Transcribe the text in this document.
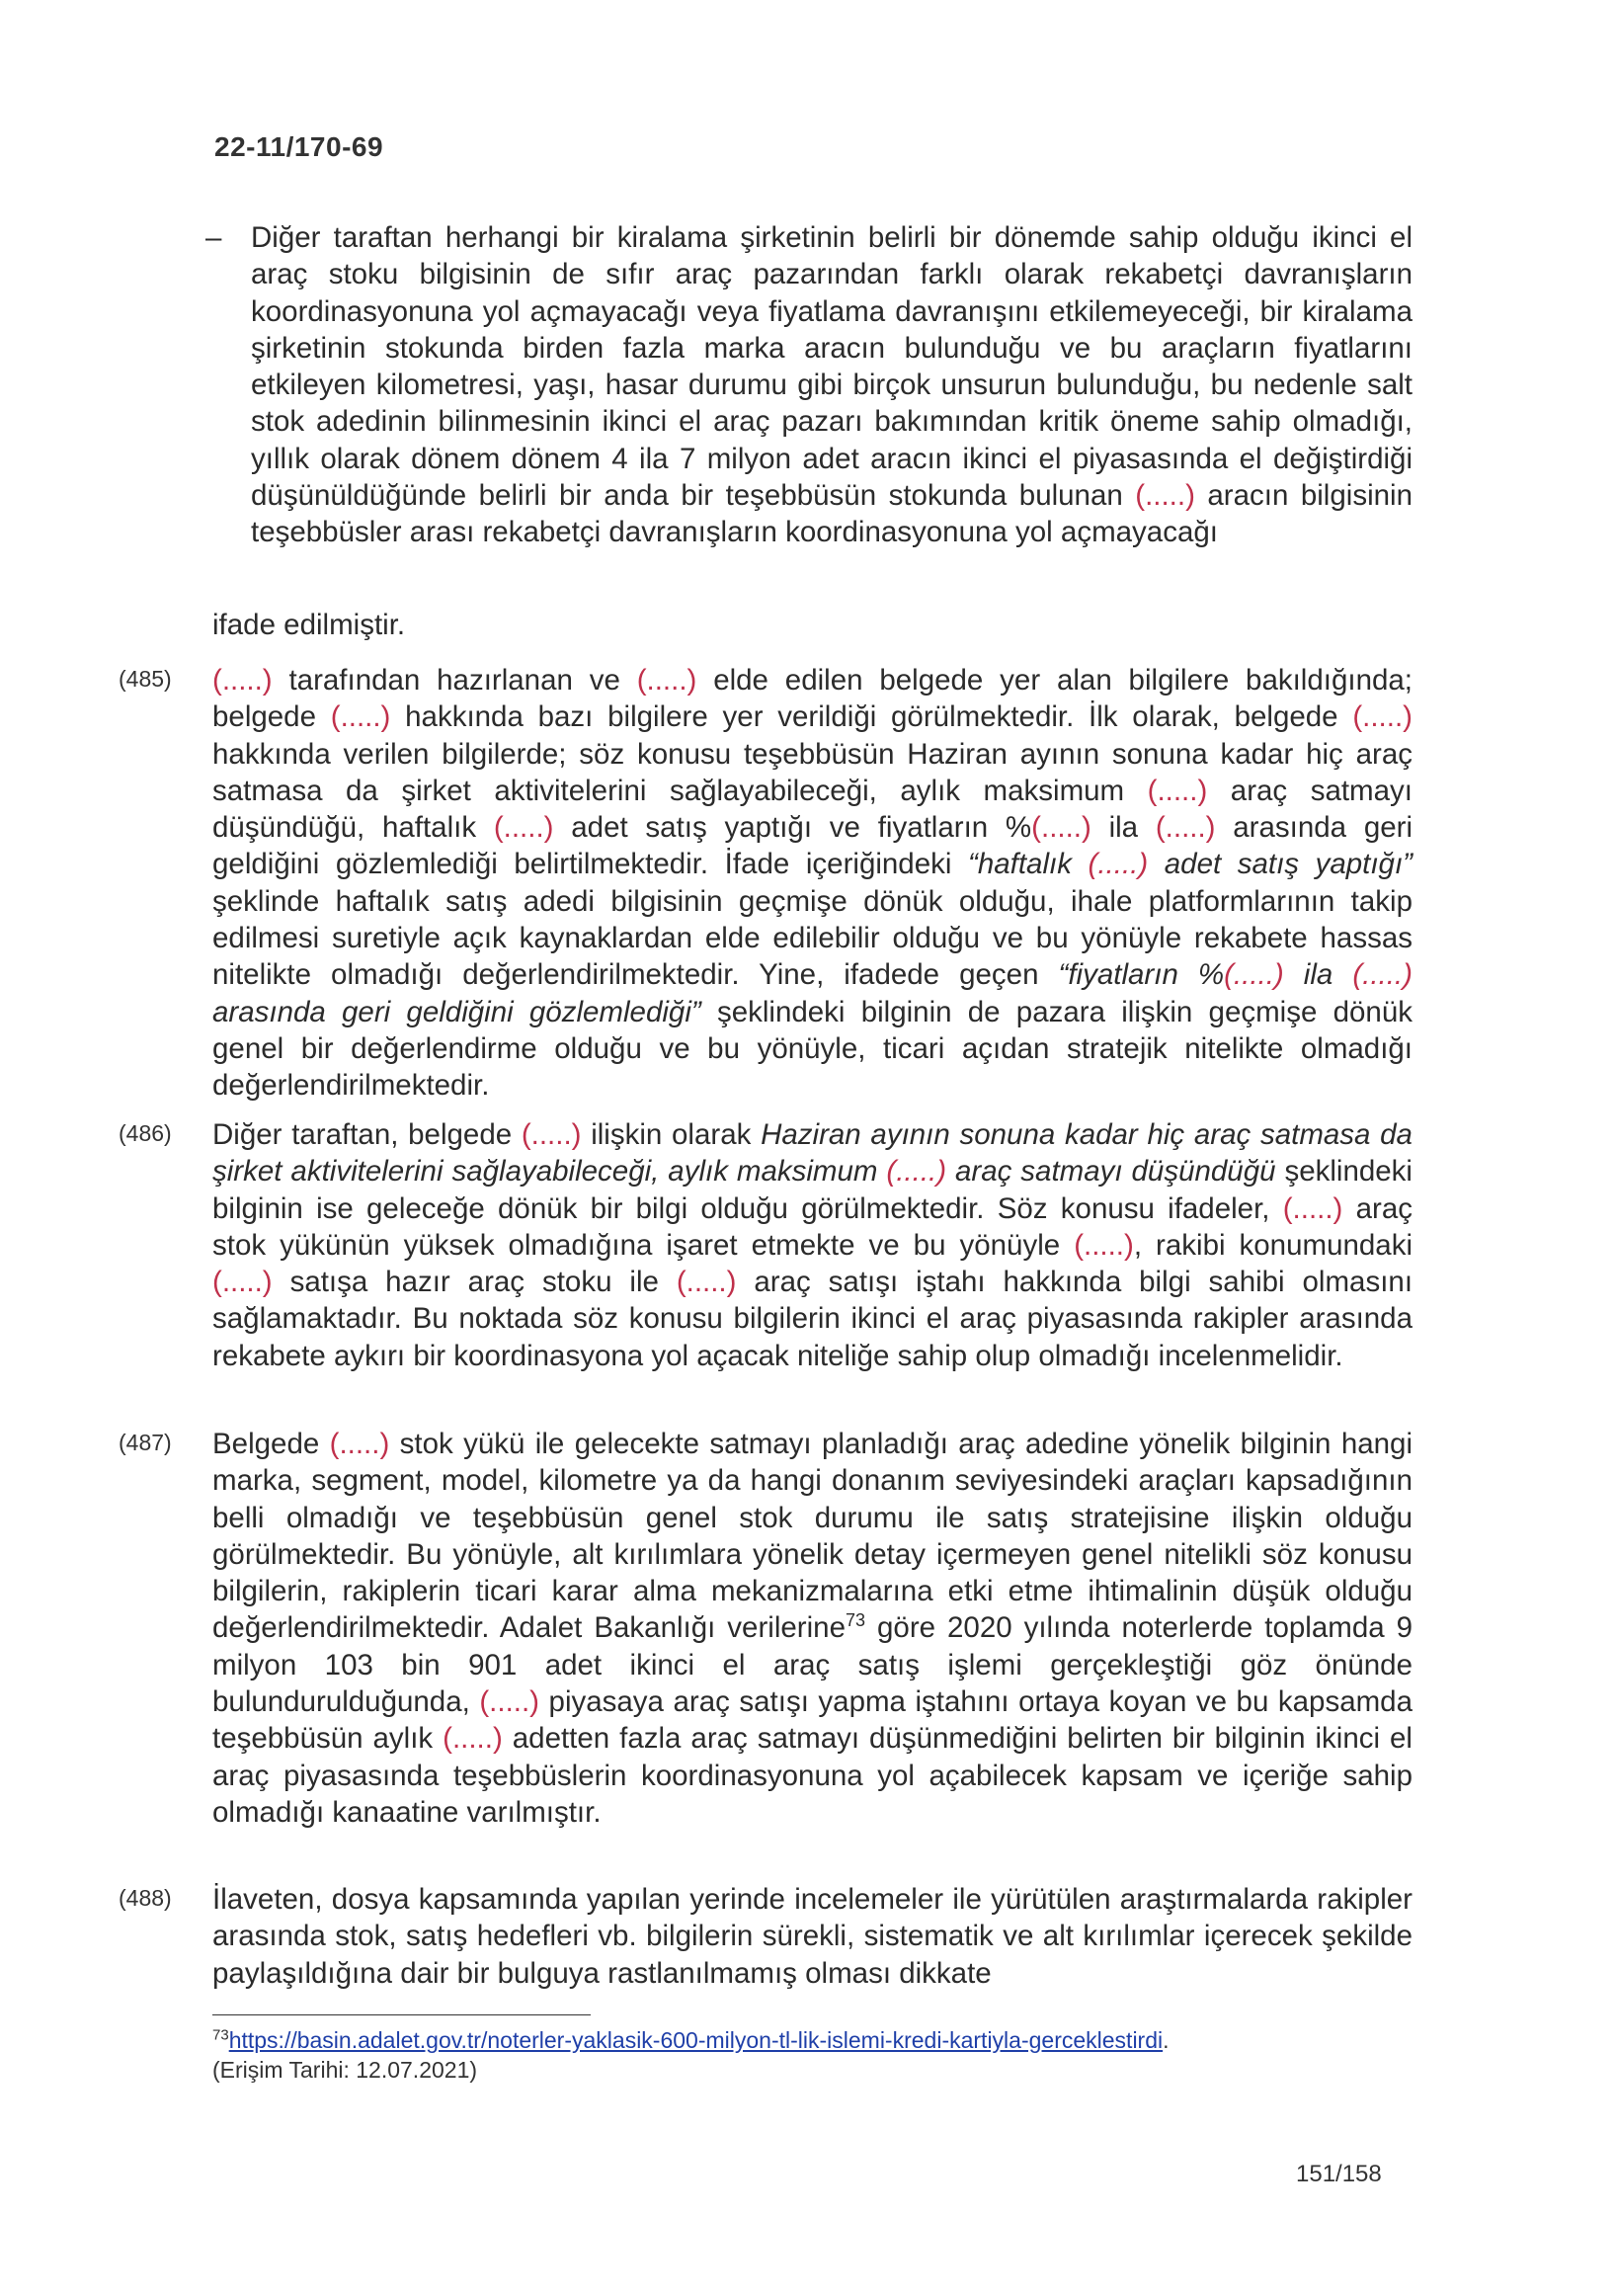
22-11/170-69
– Diğer taraftan herhangi bir kiralama şirketinin belirli bir dönemde sahip olduğu ikinci el araç stoku bilgisinin de sıfır araç pazarından farklı olarak rekabetçi davranışların koordinasyonuna yol açmayacağı veya fiyatlama davranışını etkilemeyeceği, bir kiralama şirketinin stokunda birden fazla marka aracın bulunduğu ve bu araçların fiyatlarını etkileyen kilometresi, yaşı, hasar durumu gibi birçok unsurun bulunduğu, bu nedenle salt stok adedinin bilinmesinin ikinci el araç pazarı bakımından kritik öneme sahip olmadığı, yıllık olarak dönem dönem 4 ila 7 milyon adet aracın ikinci el piyasasında el değiştirdiği düşünüldüğünde belirli bir anda bir teşebbüsün stokunda bulunan (.....) aracın bilgisinin teşebbüsler arası rekabetçi davranışların koordinasyonuna yol açmayacağı
ifade edilmiştir.
(485) (.....) tarafından hazırlanan ve (.....) elde edilen belgede yer alan bilgilere bakıldığında; belgede (.....) hakkında bazı bilgilere yer verildiği görülmektedir. İlk olarak, belgede (.....) hakkında verilen bilgilerde; söz konusu teşebbüsün Haziran ayının sonuna kadar hiç araç satmasa da şirket aktivitelerini sağlayabileceği, aylık maksimum (.....) araç satmayı düşündüğü, haftalık (.....) adet satış yaptığı ve fiyatların %(.....) ila (.....) arasında geri geldiğini gözlemlediği belirtilmektedir. İfade içeriğindeki “haftalık (.....) adet satış yaptığı” şeklinde haftalık satış adedi bilgisinin geçmişe dönük olduğu, ihale platformlarının takip edilmesi suretiyle açık kaynaklardan elde edilebilir olduğu ve bu yönüyle rekabete hassas nitelikte olmadığı değerlendirilmektedir. Yine, ifadede geçen “fiyatların %(.....) ila (.....) arasında geri geldiğini gözlemlediği” şeklindeki bilginin de pazara ilişkin geçmişe dönük genel bir değerlendirme olduğu ve bu yönüyle, ticari açıdan stratejik nitelikte olmadığı değerlendirilmektedir.
(486) Diğer taraftan, belgede (.....) ilişkin olarak Haziran ayının sonuna kadar hiç araç satmasa da şirket aktivitelerini sağlayabileceği, aylık maksimum (.....) araç satmayı düşündüğü şeklindeki bilginin ise geleceğe dönük bir bilgi olduğu görülmektedir. Söz konusu ifadeler, (.....) araç stok yükünün yüksek olmadığına işaret etmekte ve bu yönüyle (.....), rakibi konumundaki (.....) satışa hazır araç stoku ile (.....) araç satışı iştahı hakkında bilgi sahibi olmasını sağlamaktadır. Bu noktada söz konusu bilgilerin ikinci el araç piyasasında rakipler arasında rekabete aykırı bir koordinasyona yol açacak niteliğe sahip olup olmadığı incelenmelidir.
(487) Belgede (.....) stok yükü ile gelecekte satmayı planladığı araç adedine yönelik bilginin hangi marka, segment, model, kilometre ya da hangi donanım seviyesindeki araçları kapsadığının belli olmadığı ve teşebbüsün genel stok durumu ile satış stratejisine ilişkin olduğu görülmektedir. Bu yönüyle, alt kırılımlara yönelik detay içermeyen genel nitelikli söz konusu bilgilerin, rakiplerin ticari karar alma mekanizmalarına etki etme ihtimalinin düşük olduğu değerlendirilmektedir. Adalet Bakanlığı verilerine$^{73}$ göre 2020 yılında noterlerde toplamda 9 milyon 103 bin 901 adet ikinci el araç satış işlemi gerçekleştiği göz önünde bulundurulduğunda, (.....) piyasaya araç satışı yapma iştahını ortaya koyan ve bu kapsamda teşebbüsün aylık (.....) adetten fazla araç satmayı düşünmediğini belirten bir bilginin ikinci el araç piyasasında teşebbüslerin koordinasyonuna yol açabilecek kapsam ve içeriğe sahip olmadığı kanaatine varılmıştır.
(488) İlaveten, dosya kapsamında yapılan yerinde incelemeler ile yürütülen araştırmalarda rakipler arasında stok, satış hedefleri vb. bilgilerin sürekli, sistematik ve alt kırılımlar içerecek şekilde paylaşıldığına dair bir bulguya rastlanılmamış olması dikkate
$^{73}$https://basin.adalet.gov.tr/noterler-yaklasik-600-milyon-tl-lik-islemi-kredi-kartiyla-gerceklestirdi.
(Erişim Tarihi: 12.07.2021)
151/158
